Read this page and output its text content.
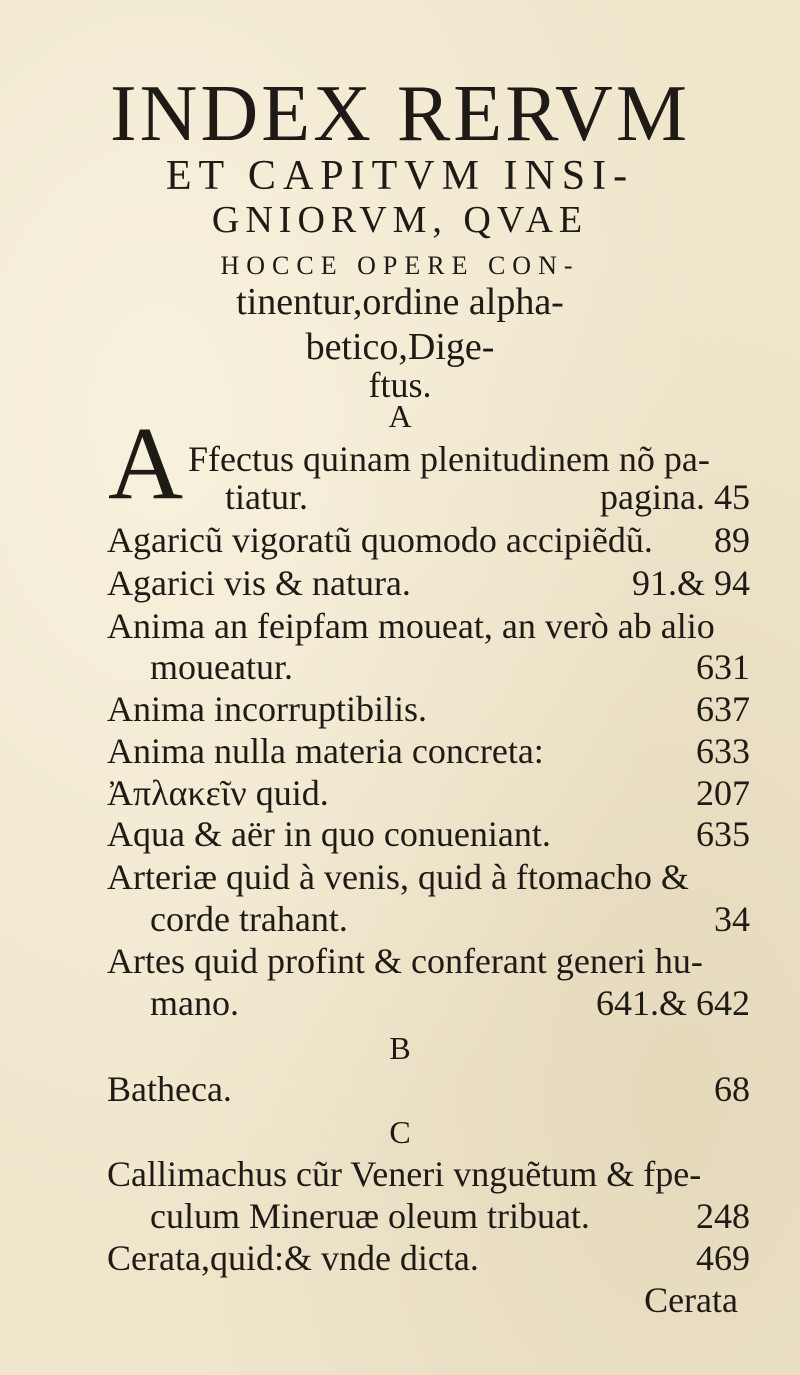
INDEX RERVM
ET CAPITVM INSI-
GNIORVM, QVAE
HOCCE OPERE CON-
tinentur,ordine alpha-
betico,Dige-
ftus.
A
A Ffectus quinam plenitudinem nõ pa-
tiatur.	pagina. 45
Agaricũ vigoratũ quomodo accipiẽdũ. 89
Agarici vis & natura.	91.& 94
Anima an feipfam moueat, an verò ab alio
moueatur.	631
Anima incorruptibilis.	637
Anima nulla materia concreta:	633
Ἀπλακεῖν quid.	207
Aqua & aër in quo conueniant.	635
Arteriæ quid à venis, quid à ftomacho &
corde trahant.	34
Artes quid profint & conferant generi hu-
mano.	641.& 642
B
Batheca.	68
C
Callimachus cũr Veneri vnguẽtum & fpe-
culum Mineruæ oleum tribuat.	248
Cerata,quid:& vnde dicta.	469
Cerata
